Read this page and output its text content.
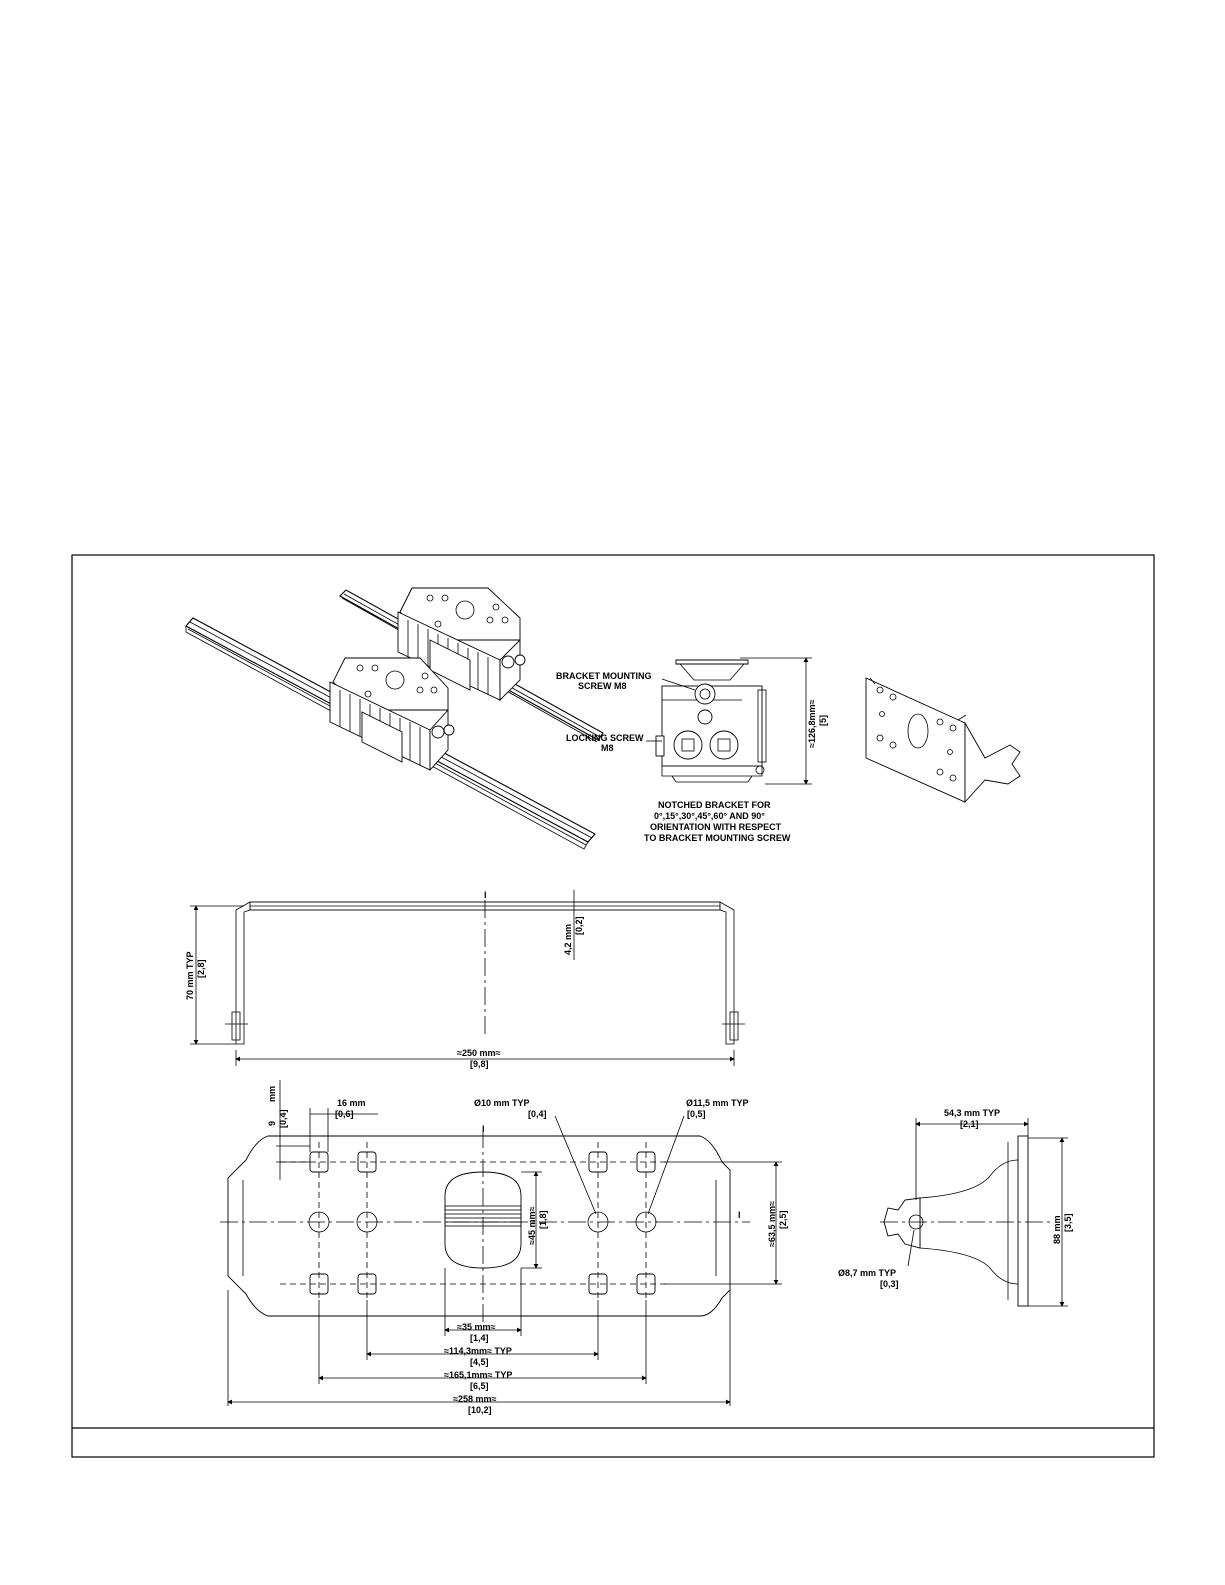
BRACKET MOUNTING
SCREW M8
LOCKING SCREW
M8
NOTCHED BRACKET FOR
0°,15°,30°,45°,60° AND 90°
ORIENTATION WITH RESPECT
TO BRACKET MOUNTING SCREW
≈126,8mm≈ [5]
4,2 mm [0,2]
70 mm TYP [2,8]
≈250 mm≈
[9,8]
l
l
l
mm
9 [0,4]
16 mm
[0,6]
Ø10 mm TYP
[0,4]
Ø11,5 mm TYP
[0,5]
≈45 mm≈ [1,8]	≈63,5 mm≈ [2,5]
≈35 mm≈
[1,4]
≈114,3mm≈ TYP
[4,5]
≈165,1mm≈ TYP
[6,5]
≈258 mm≈
[10,2]
54,3 mm TYP
[2,1]
88 mm [3,5]
Ø8,7 mm TYP
[0,3]
